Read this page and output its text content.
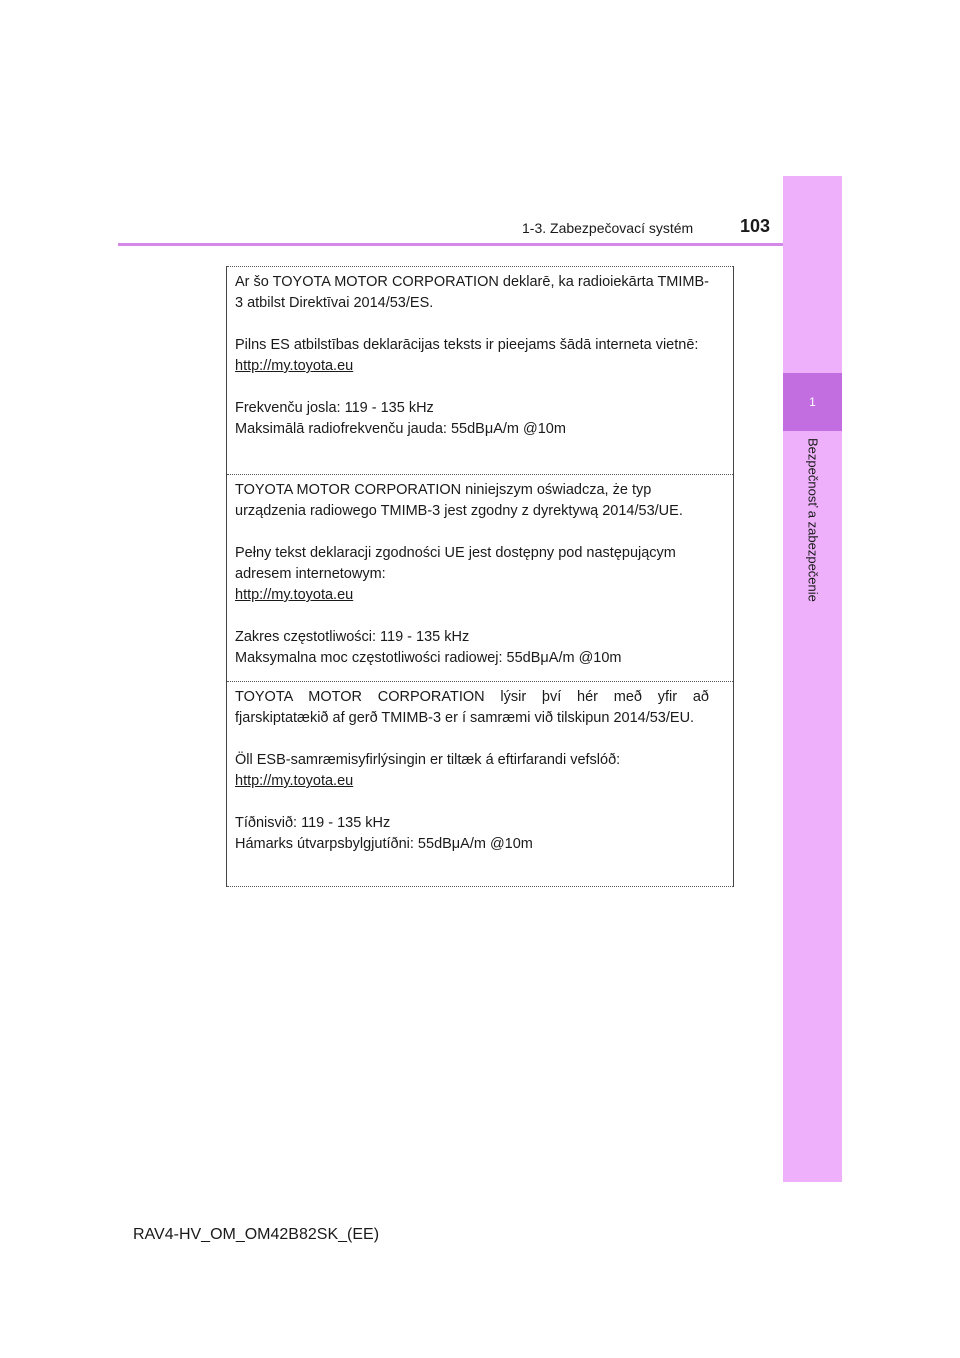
1-3. Zabezpečovací systém	103
1
Bezpečnosť a zabezpečenie

Ar šo TOYOTA MOTOR CORPORATION deklarē, ka radioiekārta TMIMB-3 atbilst Direktīvai 2014/53/ES.

Pilns ES atbilstības deklarācijas teksts ir pieejams šādā interneta vietnē:

http://my.toyota.eu

Frekvenču josla: 119 - 135 kHz

Maksimālā radiofrekvenču jauda: 55dBμA/m @10m

TOYOTA MOTOR CORPORATION niniejszym oświadcza, że typ urządzenia radiowego TMIMB-3 jest zgodny z dyrektywą 2014/53/UE.

Pełny tekst deklaracji zgodności UE jest dostępny pod następującym adresem internetowym:

http://my.toyota.eu

Zakres częstotliwości: 119 - 135 kHz

Maksymalna moc częstotliwości radiowej: 55dBμA/m @10m

TOYOTA MOTOR CORPORATION lýsir því hér með yfir að fjarskiptatækið af gerð TMIMB-3 er í samræmi við tilskipun 2014/53/EU.

Öll ESB-samræmisyfirlýsingin er tiltæk á eftirfarandi vefslóð:

http://my.toyota.eu

Tíðnisvið: 119 - 135 kHz

Hámarks útvarpsbylgjutíðni: 55dBμA/m @10m

RAV4-HV_OM_OM42B82SK_(EE)
